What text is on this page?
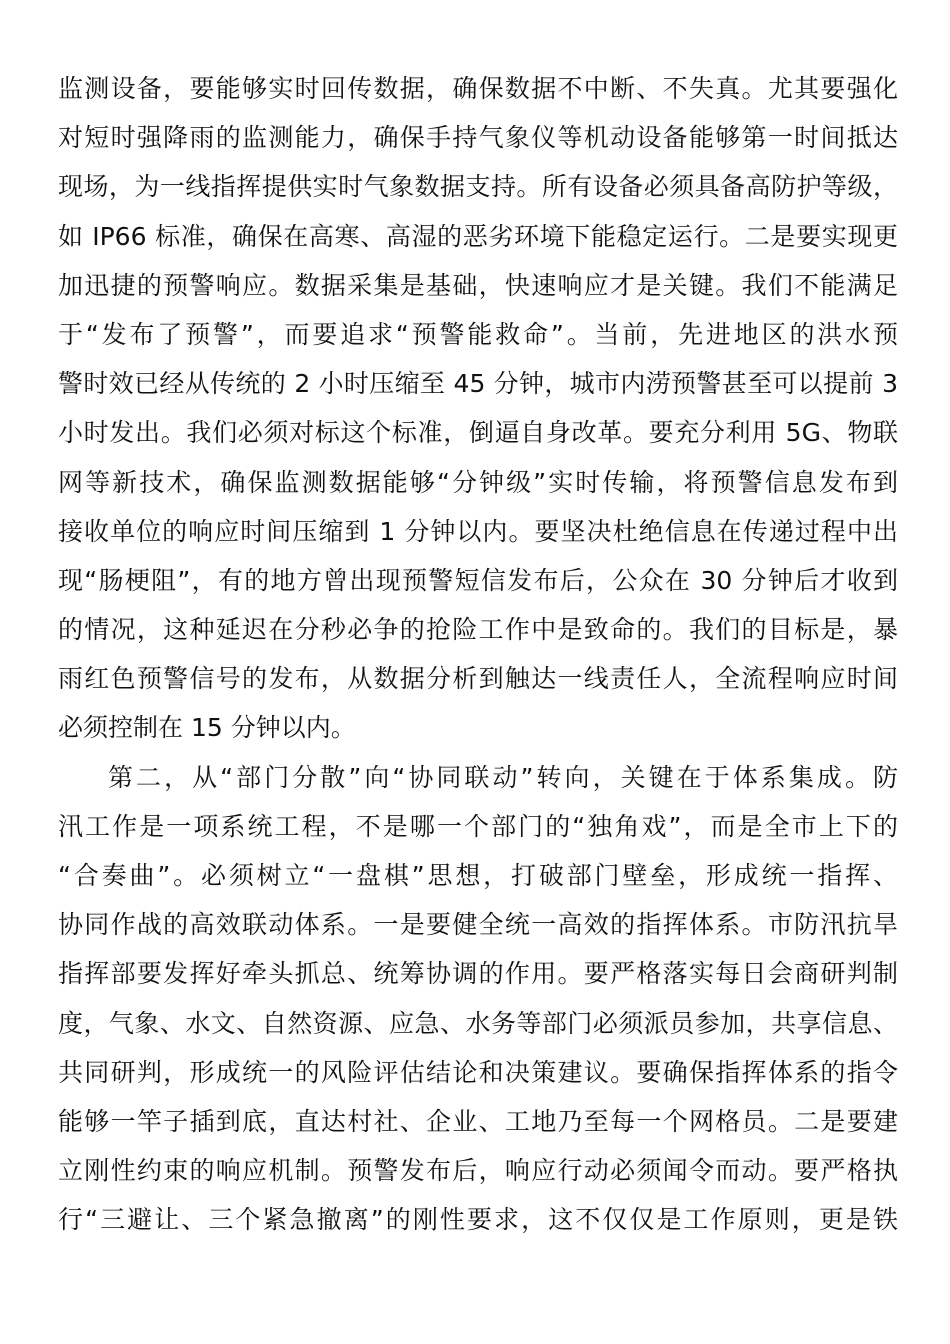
监测设备，要能够实时回传数据，确保数据不中断、不失真。尤其要强化
对短时强降雨的监测能力，确保手持气象仪等机动设备能够第一时间抵达
现场，为一线指挥提供实时气象数据支持。所有设备必须具备高防护等级，
如 IP66 标准，确保在高寒、高湿的恶劣环境下能稳定运行。二是要实现更
加迅捷的预警响应。数据采集是基础，快速响应才是关键。我们不能满足
于“发布了预警”，而要追求“预警能救命”。当前，先进地区的洪水预
警时效已经从传统的 2 小时压缩至 45 分钟，城市内涝预警甚至可以提前 3
小时发出。我们必须对标这个标准，倒逼自身改革。要充分利用 5G、物联
网等新技术，确保监测数据能够“分钟级”实时传输，将预警信息发布到
接收单位的响应时间压缩到 1 分钟以内。要坚决杜绝信息在传递过程中出
现“肠梗阻”，有的地方曾出现预警短信发布后，公众在 30 分钟后才收到
的情况，这种延迟在分秒必争的抢险工作中是致命的。我们的目标是，暴
雨红色预警信号的发布，从数据分析到触达一线责任人，全流程响应时间
必须控制在 15 分钟以内。
第二，从“部门分散”向“协同联动”转向，关键在于体系集成。防
汛工作是一项系统工程，不是哪一个部门的“独角戏”，而是全市上下的
“合奏曲”。必须树立“一盘棋”思想，打破部门壁垒，形成统一指挥、
协同作战的高效联动体系。一是要健全统一高效的指挥体系。市防汛抗旱
指挥部要发挥好牵头抓总、统筹协调的作用。要严格落实每日会商研判制
度，气象、水文、自然资源、应急、水务等部门必须派员参加，共享信息、
共同研判，形成统一的风险评估结论和决策建议。要确保指挥体系的指令
能够一竿子插到底，直达村社、企业、工地乃至每一个网格员。二是要建
立刚性约束的响应机制。预警发布后，响应行动必须闻令而动。要严格执
行“三避让、三个紧急撤离”的刚性要求，这不仅仅是工作原则，更是铁
